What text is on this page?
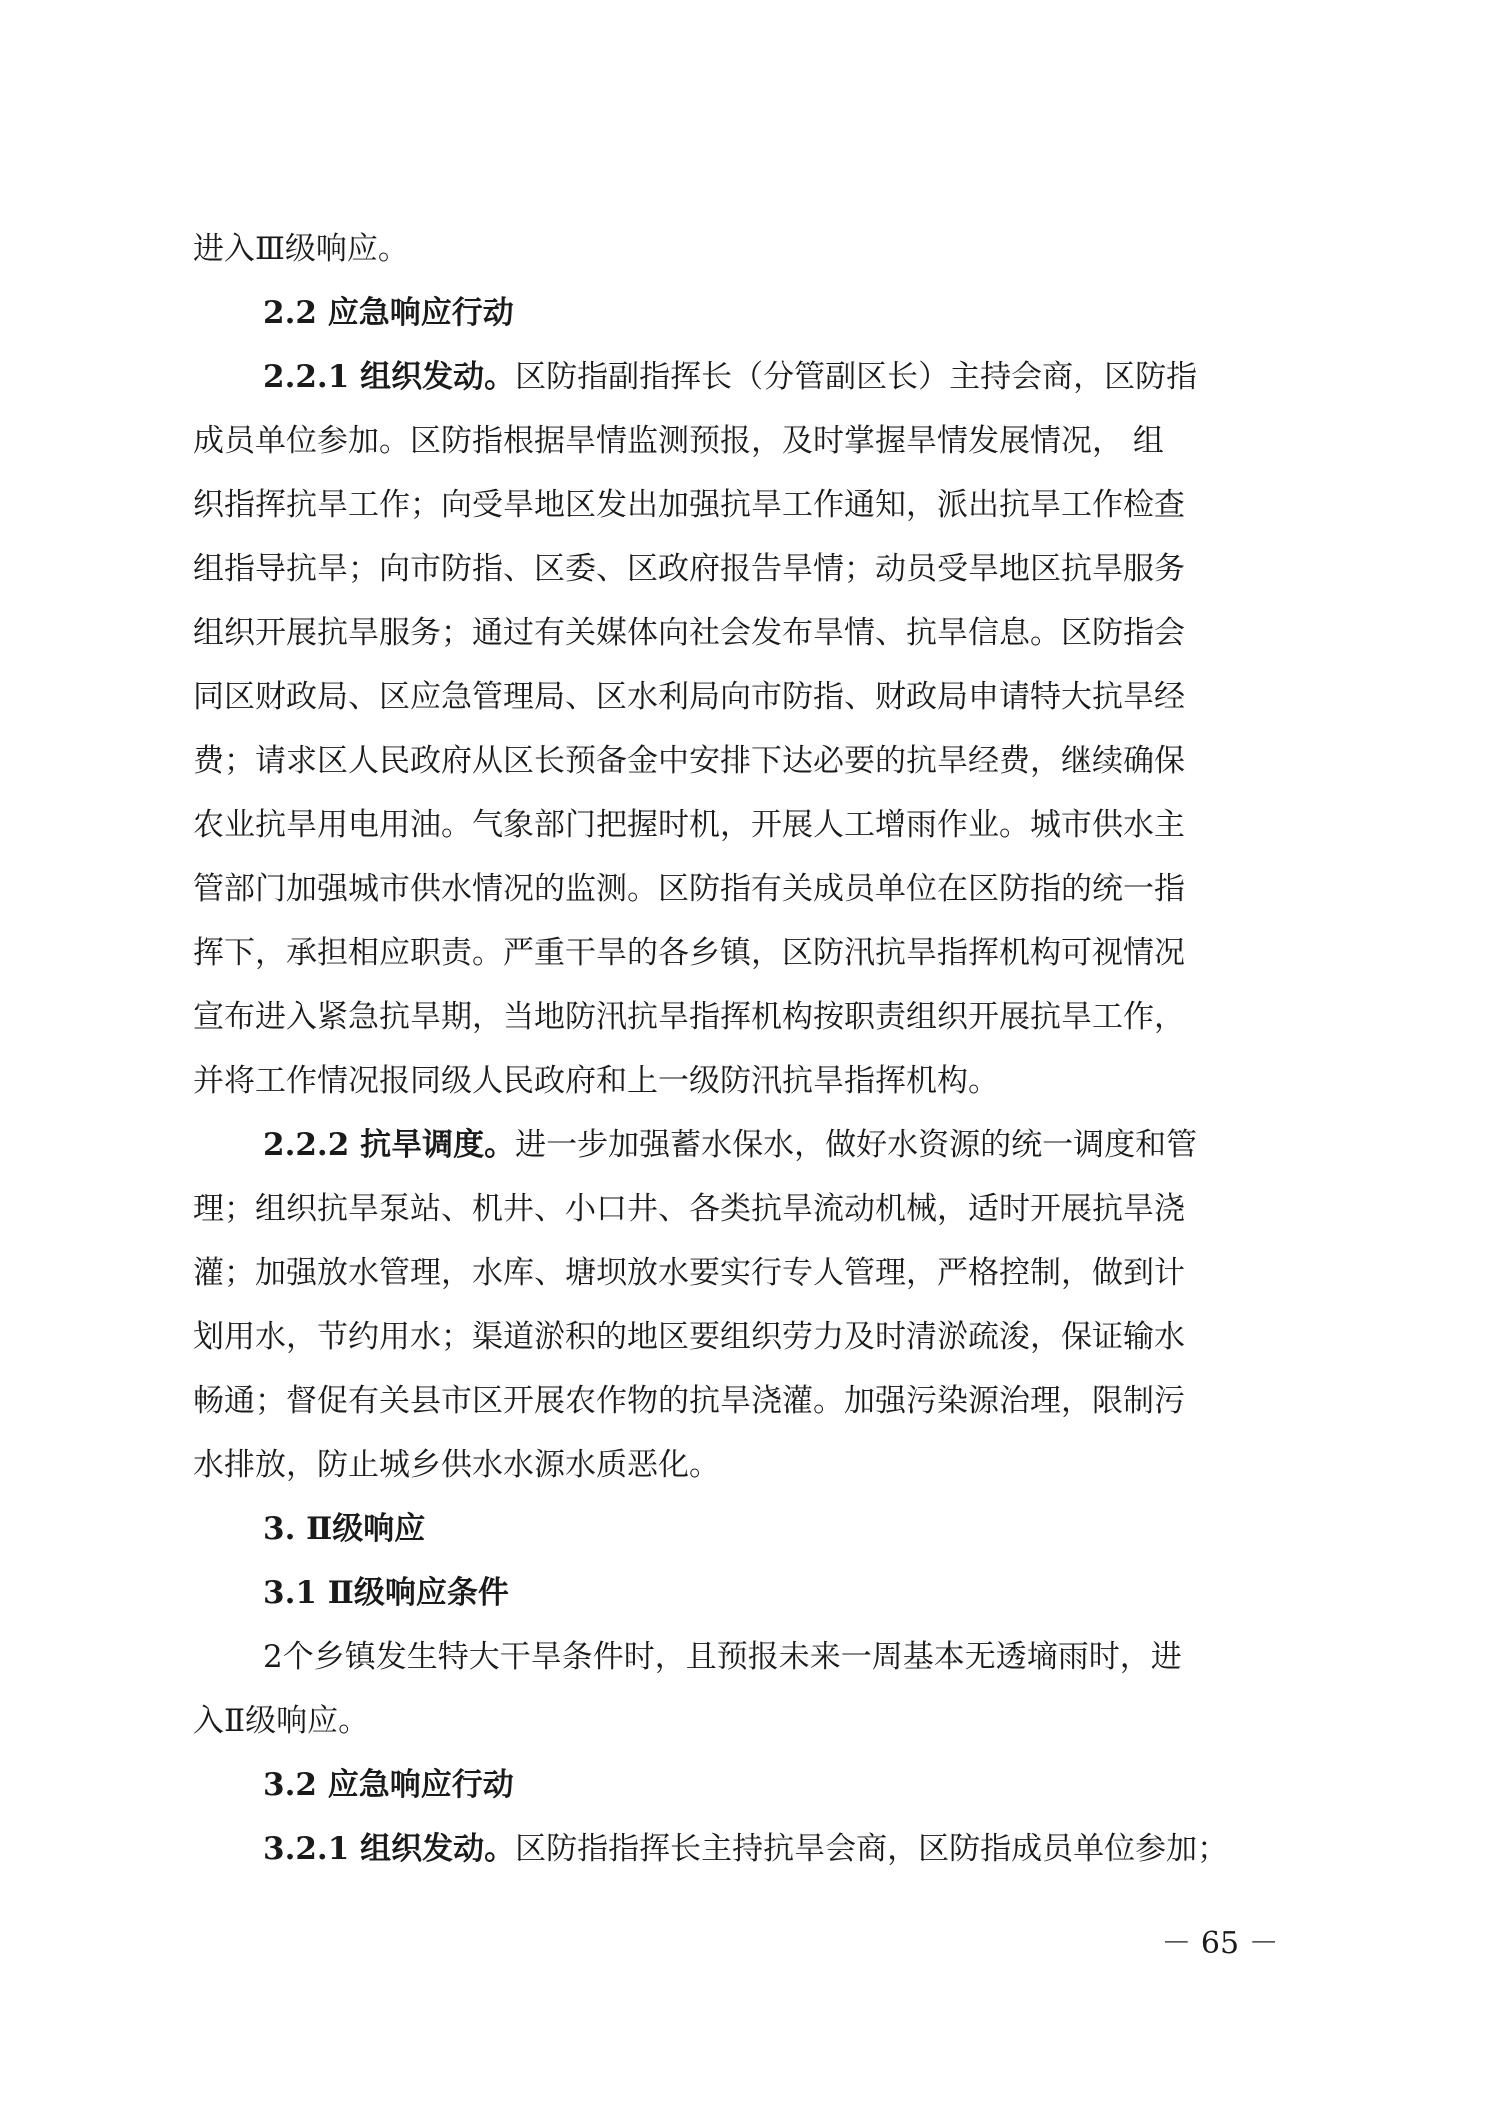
进入Ⅲ级响应。
2.2 应急响应行动
2.2.1 组织发动。区防指副指挥长（分管副区长）主持会商，区防指
成员单位参加。区防指根据旱情监测预报，及时掌握旱情发展情况， 组
织指挥抗旱工作；向受旱地区发出加强抗旱工作通知，派出抗旱工作检查
组指导抗旱；向市防指、区委、区政府报告旱情；动员受旱地区抗旱服务
组织开展抗旱服务；通过有关媒体向社会发布旱情、抗旱信息。区防指会
同区财政局、区应急管理局、区水利局向市防指、财政局申请特大抗旱经
费；请求区人民政府从区长预备金中安排下达必要的抗旱经费，继续确保
农业抗旱用电用油。气象部门把握时机，开展人工增雨作业。城市供水主
管部门加强城市供水情况的监测。区防指有关成员单位在区防指的统一指
挥下，承担相应职责。严重干旱的各乡镇，区防汛抗旱指挥机构可视情况
宣布进入紧急抗旱期，当地防汛抗旱指挥机构按职责组织开展抗旱工作，
并将工作情况报同级人民政府和上一级防汛抗旱指挥机构。
2.2.2 抗旱调度。进一步加强蓄水保水，做好水资源的统一调度和管
理；组织抗旱泵站、机井、小口井、各类抗旱流动机械，适时开展抗旱浇
灌；加强放水管理，水库、塘坝放水要实行专人管理，严格控制，做到计
划用水，节约用水；渠道淤积的地区要组织劳力及时清淤疏浚，保证输水
畅通；督促有关县市区开展农作物的抗旱浇灌。加强污染源治理，限制污
水排放，防止城乡供水水源水质恶化。
3. Ⅱ级响应
3.1 Ⅱ级响应条件
2个乡镇发生特大干旱条件时，且预报未来一周基本无透墒雨时，进
入Ⅱ级响应。
3.2 应急响应行动
3.2.1 组织发动。区防指指挥长主持抗旱会商，区防指成员单位参加；
－ 65 －
